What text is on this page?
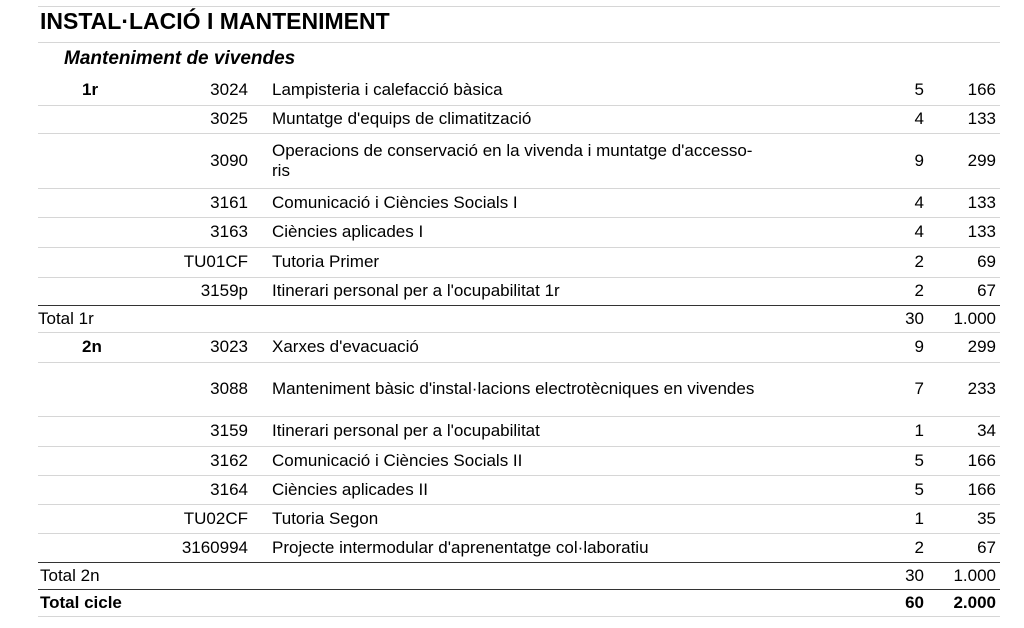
INSTAL·LACIÓ I MANTENIMENT
Manteniment de vivendes
1r	3024	Lampisteria i calefacció bàsica	5	166
	3025	Muntatge d'equips de climatització	4	133
	3090	Operacions de conservació en la vivenda i muntatge d'accesso-
ris	9	299
	3161	Comunicació i Ciències Socials I	4	133
	3163	Ciències aplicades I	4	133
	TU01CF	Tutoria Primer	2	69
	3159p	Itinerari personal per a l'ocupabilitat 1r	2	67
Total 1r			30	1.000
2n	3023	Xarxes d'evacuació	9	299
	3088	Manteniment bàsic d'instal·lacions electrotècniques en vivendes	7	233
	3159	Itinerari personal per a l'ocupabilitat	1	34
	3162	Comunicació i Ciències Socials II	5	166
	3164	Ciències aplicades II	5	166
	TU02CF	Tutoria Segon	1	35
	3160994	Projecte intermodular d'aprenentatge col·laboratiu	2	67
Total 2n			30	1.000
Total cicle			60	2.000
